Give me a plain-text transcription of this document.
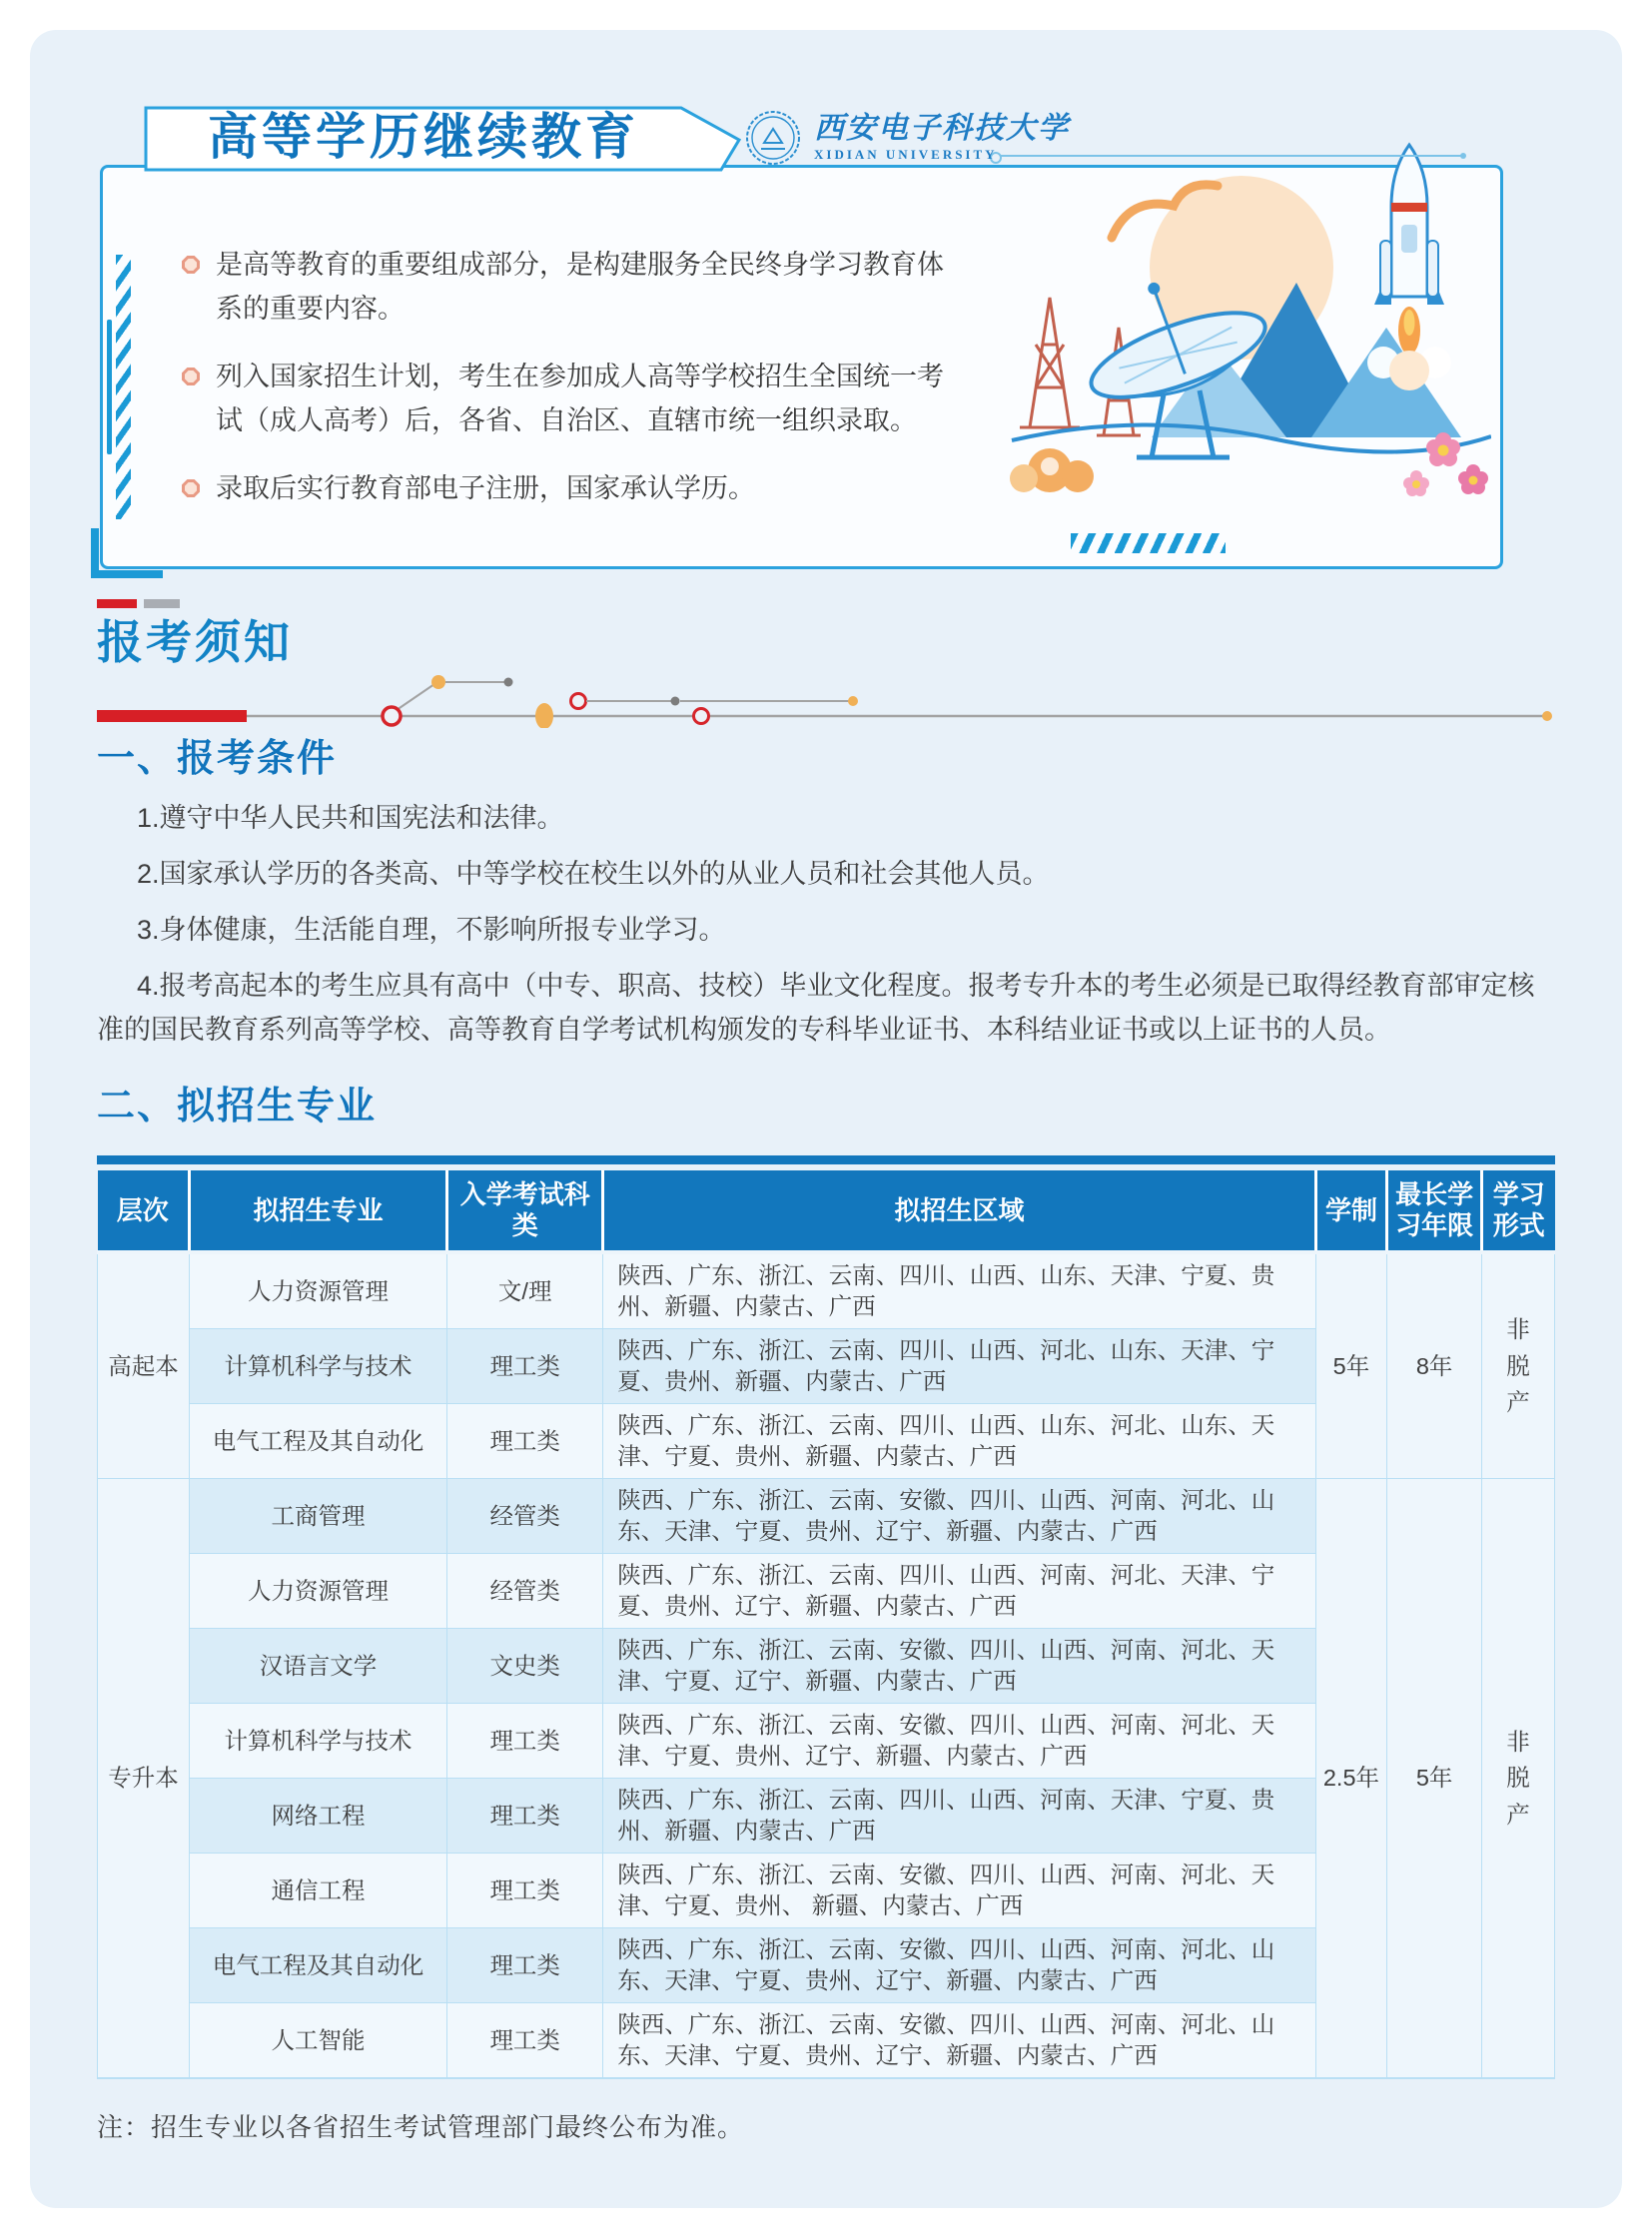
高等学历继续教育	西安电子科技大学
XIDIAN UNIVERSITY
是高等教育的重要组成部分，是构建服务全民终身学习教育体系的重要内容。
列入国家招生计划，考生在参加成人高等学校招生全国统一考试（成人高考）后，各省、自治区、直辖市统一组织录取。
录取后实行教育部电子注册，国家承认学历。
报考须知
一、报考条件

1.遵守中华人民共和国宪法和法律。

2.国家承认学历的各类高、中等学校在校生以外的从业人员和社会其他人员。

3.身体健康，生活能自理，不影响所报专业学习。

4.报考高起本的考生应具有高中（中专、职高、技校）毕业文化程度。报考专升本的考生必须是已取得经教育部审定核准的国民教育系列高等学校、高等教育自学考试机构颁发的专科毕业证书、本科结业证书或以上证书的人员。

二、拟招生专业
层次	拟招生专业	入学考试科类	拟招生区域	学制	最长学习年限	学习形式
高起本	人力资源管理	文/理	陕西、广东、浙江、云南、四川、山西、山东、天津、宁夏、贵州、新疆、内蒙古、广西	5年	8年	非脱产

	计算机科学与技术	理工类	陕西、广东、浙江、云南、四川、山西、河北、山东、天津、宁夏、贵州、新疆、内蒙古、广西			
	电气工程及其自动化	理工类	陕西、广东、浙江、云南、四川、山西、山东、河北、山东、天津、宁夏、贵州、新疆、内蒙古、广西			
专升本	工商管理	经管类	陕西、广东、浙江、云南、安徽、四川、山西、河南、河北、山东、天津、宁夏、贵州、辽宁、新疆、内蒙古、广西	2.5年	5年	非脱产

	人力资源管理	经管类	陕西、广东、浙江、云南、四川、山西、河南、河北、天津、宁夏、贵州、辽宁、新疆、内蒙古、广西			
	汉语言文学	文史类	陕西、广东、浙江、云南、安徽、四川、山西、河南、河北、天津、宁夏、辽宁、新疆、内蒙古、广西			
	计算机科学与技术	理工类	陕西、广东、浙江、云南、安徽、四川、山西、河南、河北、天津、宁夏、贵州、辽宁、新疆、内蒙古、广西			
	网络工程	理工类	陕西、广东、浙江、云南、四川、山西、河南、天津、宁夏、贵州、新疆、内蒙古、广西			
	通信工程	理工类	陕西、广东、浙江、云南、安徽、四川、山西、河南、河北、天津、宁夏、贵州、 新疆、内蒙古、广西			
	电气工程及其自动化	理工类	陕西、广东、浙江、云南、安徽、四川、山西、河南、河北、山东、天津、宁夏、贵州、辽宁、新疆、内蒙古、广西			
	人工智能	理工类	陕西、广东、浙江、云南、安徽、四川、山西、河南、河北、山东、天津、宁夏、贵州、辽宁、新疆、内蒙古、广西			

注：招生专业以各省招生考试管理部门最终公布为准。
